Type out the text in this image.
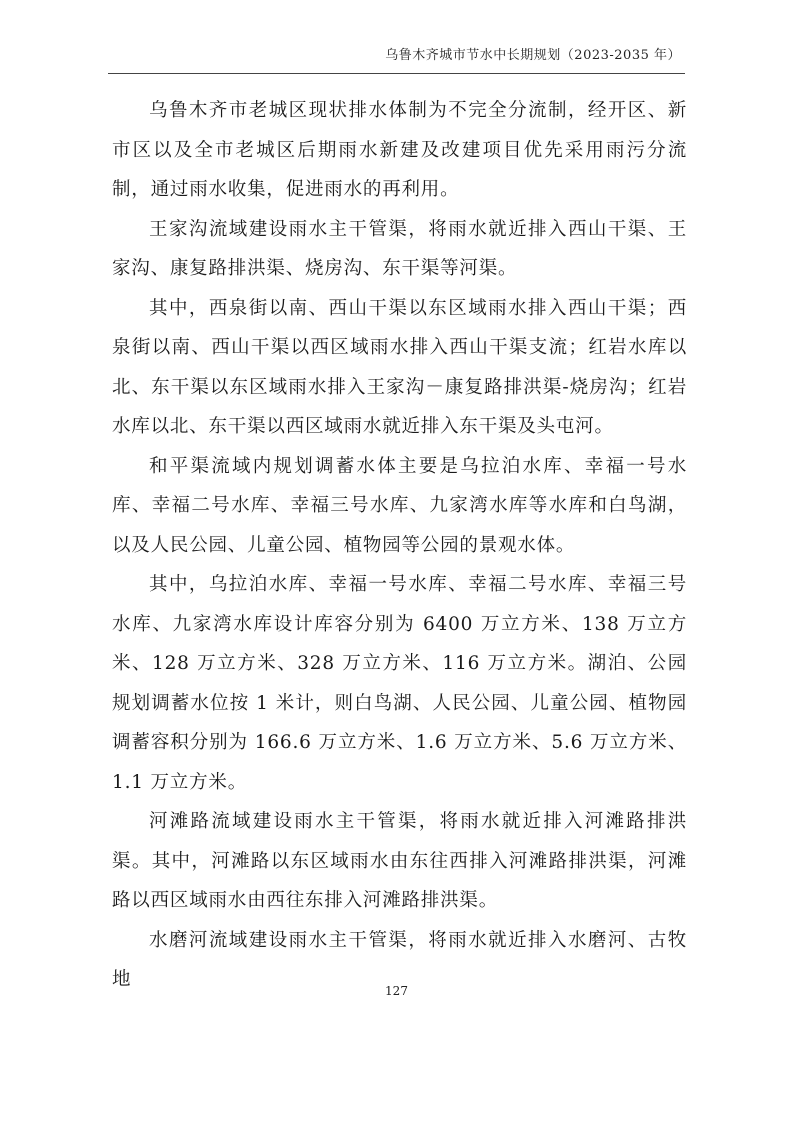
乌鲁木齐城市节水中长期规划（2023-2035 年）

乌鲁木齐市老城区现状排水体制为不完全分流制，经开区、新市区以及全市老城区后期雨水新建及改建项目优先采用雨污分流制，通过雨水收集，促进雨水的再利用。

王家沟流域建设雨水主干管渠，将雨水就近排入西山干渠、王家沟、康复路排洪渠、烧房沟、东干渠等河渠。

其中，西泉街以南、西山干渠以东区域雨水排入西山干渠；西泉街以南、西山干渠以西区域雨水排入西山干渠支流；红岩水库以北、东干渠以东区域雨水排入王家沟－康复路排洪渠-烧房沟；红岩水库以北、东干渠以西区域雨水就近排入东干渠及头屯河。

和平渠流域内规划调蓄水体主要是乌拉泊水库、幸福一号水库、幸福二号水库、幸福三号水库、九家湾水库等水库和白鸟湖，以及人民公园、儿童公园、植物园等公园的景观水体。

其中，乌拉泊水库、幸福一号水库、幸福二号水库、幸福三号水库、九家湾水库设计库容分别为 6400 万立方米、138 万立方米、128 万立方米、328 万立方米、116 万立方米。湖泊、公园规划调蓄水位按 1 米计，则白鸟湖、人民公园、儿童公园、植物园调蓄容积分别为 166.6 万立方米、1.6 万立方米、5.6 万立方米、1.1 万立方米。

河滩路流域建设雨水主干管渠，将雨水就近排入河滩路排洪渠。其中，河滩路以东区域雨水由东往西排入河滩路排洪渠，河滩路以西区域雨水由西往东排入河滩路排洪渠。

水磨河流域建设雨水主干管渠，将雨水就近排入水磨河、古牧地

127
